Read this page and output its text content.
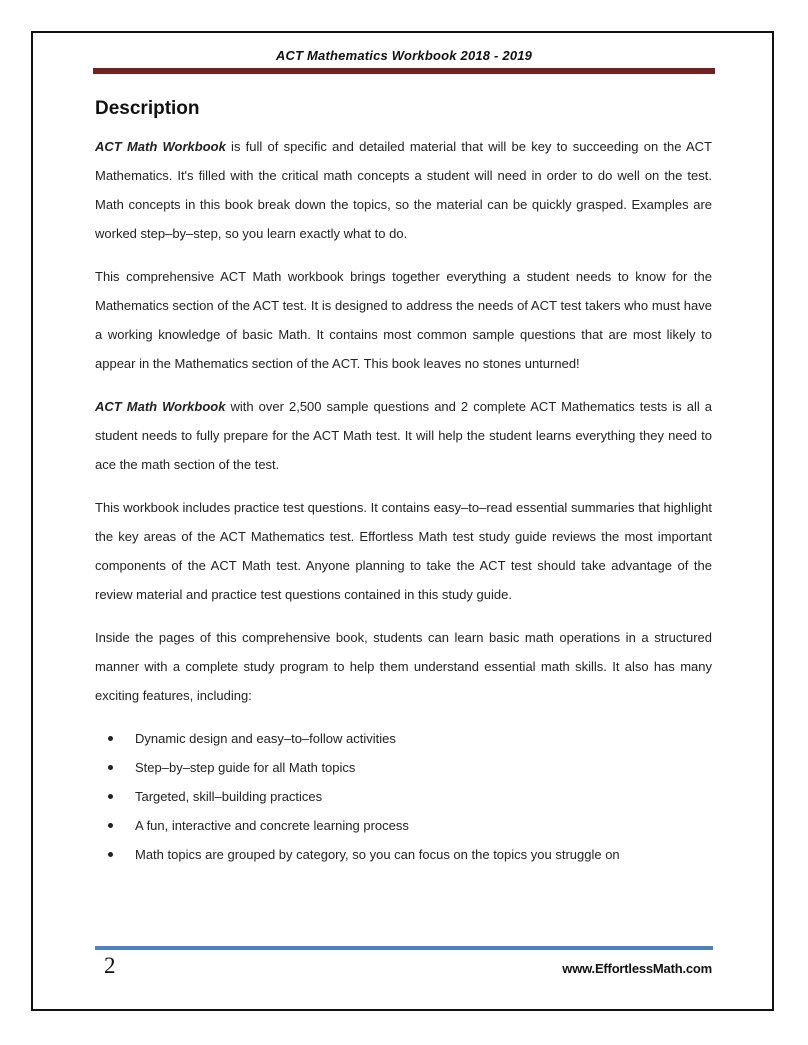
ACT Mathematics Workbook 2018 - 2019
Description

ACT Math Workbook is full of specific and detailed material that will be key to succeeding on the ACT Mathematics. It's filled with the critical math concepts a student will need in order to do well on the test. Math concepts in this book break down the topics, so the material can be quickly grasped. Examples are worked step–by–step, so you learn exactly what to do.

This comprehensive ACT Math workbook brings together everything a student needs to know for the Mathematics section of the ACT test. It is designed to address the needs of ACT test takers who must have a working knowledge of basic Math. It contains most common sample questions that are most likely to appear in the Mathematics section of the ACT. This book leaves no stones unturned!

ACT Math Workbook with over 2,500 sample questions and 2 complete ACT Mathematics tests is all a student needs to fully prepare for the ACT Math test. It will help the student learns everything they need to ace the math section of the test.

This workbook includes practice test questions. It contains easy–to–read essential summaries that highlight the key areas of the ACT Mathematics test. Effortless Math test study guide reviews the most important components of the ACT Math test. Anyone planning to take the ACT test should take advantage of the review material and practice test questions contained in this study guide.

Inside the pages of this comprehensive book, students can learn basic math operations in a structured manner with a complete study program to help them understand essential math skills. It also has many exciting features, including:

Dynamic design and easy–to–follow activities
Step–by–step guide for all Math topics
Targeted, skill–building practices
A fun, interactive and concrete learning process
Math topics are grouped by category, so you can focus on the topics you struggle on
2	www.EffortlessMath.com
